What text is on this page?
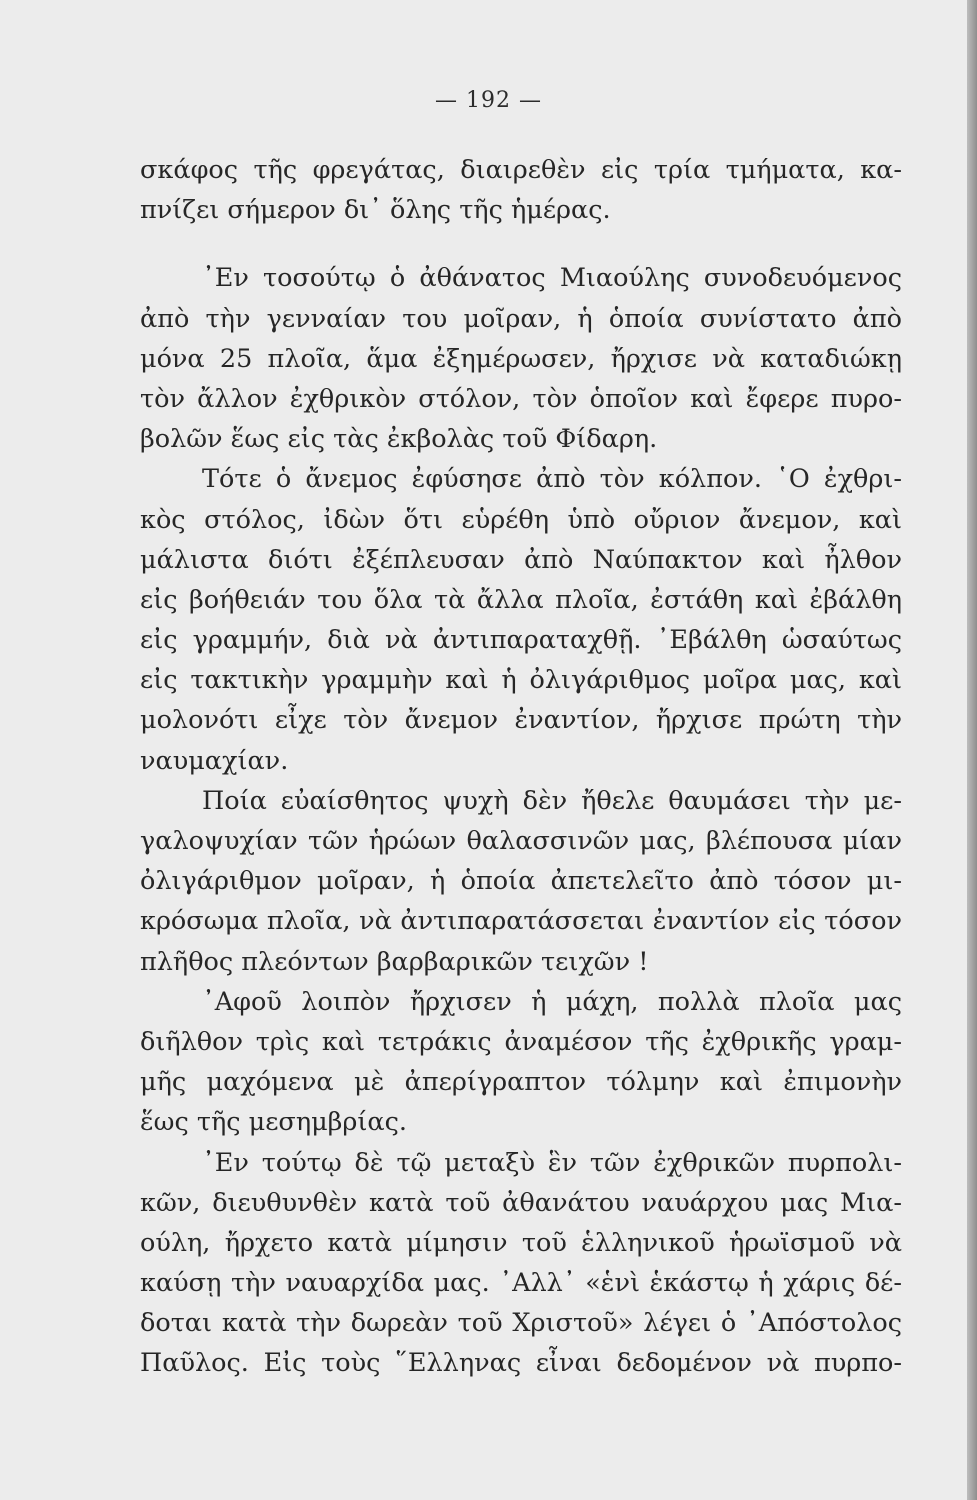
— 192 —
σκάφος τῆς φρεγάτας, διαιρεθὲν εἰς τρία τμήματα, κα-
πνίζει σήμερον δι᾿ ὅλης τῆς ἡμέρας.
᾿Εν τοσούτῳ ὁ ἀθάνατος Μιαούλης συνοδευόμενος
ἀπὸ τὴν γενναίαν του μοῖραν, ἡ ὁποία συνίστατο ἀπὸ
μόνα 25 πλοῖα, ἅμα ἐξημέρωσεν, ἤρχισε νὰ καταδιώκῃ
τὸν ἄλλον ἐχθρικὸν στόλον, τὸν ὁποῖον καὶ ἔφερε πυρο-
βολῶν ἕως εἰς τὰς ἐκβολὰς τοῦ Φίδαρη.
Τότε ὁ ἄνεμος ἐφύσησε ἀπὸ τὸν κόλπον. ῾Ο ἐχθρι-
κὸς στόλος, ἰδὼν ὅτι εὑρέθη ὑπὸ οὔριον ἄνεμον, καὶ
μάλιστα διότι ἐξέπλευσαν ἀπὸ Ναύπακτον καὶ ἦλθον
εἰς βοήθειάν του ὅλα τὰ ἄλλα πλοῖα, ἐστάθη καὶ ἐβάλθη
εἰς γραμμήν, διὰ νὰ ἀντιπαραταχθῇ. ᾿Εβάλθη ὡσαύτως
εἰς τακτικὴν γραμμὴν καὶ ἡ ὀλιγάριθμος μοῖρα μας, καὶ
μολονότι εἶχε τὸν ἄνεμον ἐναντίον, ἤρχισε πρώτη τὴν
ναυμαχίαν.
Ποία εὐαίσθητος ψυχὴ δὲν ἤθελε θαυμάσει τὴν με-
γαλοψυχίαν τῶν ἡρώων θαλασσινῶν μας, βλέπουσα μίαν
ὀλιγάριθμον μοῖραν, ἡ ὁποία ἀπετελεῖτο ἀπὸ τόσον μι-
κρόσωμα πλοῖα, νὰ ἀντιπαρατάσσεται ἐναντίον εἰς τόσον
πλῆθος πλεόντων βαρβαρικῶν τειχῶν !
᾿Αφοῦ λοιπὸν ἤρχισεν ἡ μάχη, πολλὰ πλοῖα μας
διῆλθον τρὶς καὶ τετράκις ἀναμέσον τῆς ἐχθρικῆς γραμ-
μῆς μαχόμενα μὲ ἀπερίγραπτον τόλμην καὶ ἐπιμονὴν
ἕως τῆς μεσημβρίας.
᾿Εν τούτῳ δὲ τῷ μεταξὺ ἓν τῶν ἐχθρικῶν πυρπολι-
κῶν, διευθυνθὲν κατὰ τοῦ ἀθανάτου ναυάρχου μας Μια-
ούλη, ἤρχετο κατὰ μίμησιν τοῦ ἑλληνικοῦ ἡρωϊσμοῦ νὰ
καύσῃ τὴν ναυαρχίδα μας. ᾿Αλλ᾿ «ἑνὶ ἑκάστῳ ἡ χάρις δέ-
δοται κατὰ τὴν δωρεὰν τοῦ Χριστοῦ» λέγει ὁ ᾿Απόστολος
Παῦλος. Εἰς τοὺς ῞Ελληνας εἶναι δεδομένον νὰ πυρπο-
